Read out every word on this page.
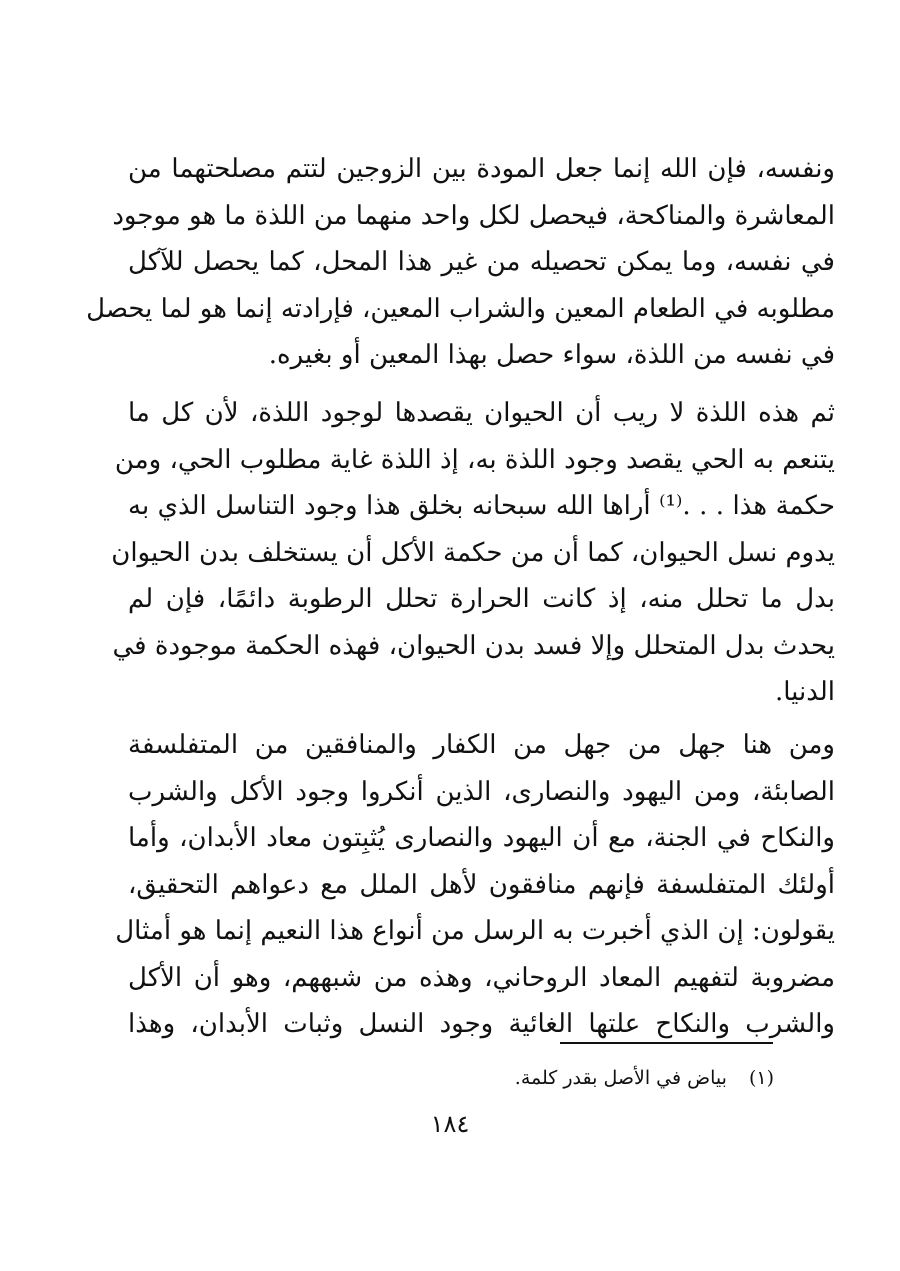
ونفسه، فإن الله إنما جعل المودة بين الزوجين لتتم مصلحتهما من
المعاشرة والمناكحة، فيحصل لكل واحد منهما من اللذة ما هو موجود
في نفسه، وما يمكن تحصيله من غير هذا المحل، كما يحصل للآكل
مطلوبه في الطعام المعين والشراب المعين، فإرادته إنما هو لما يحصل
في نفسه من اللذة، سواء حصل بهذا المعين أو بغيره.
ثم هذه اللذة لا ريب أن الحيوان يقصدها لوجود اللذة، لأن كل ما
يتنعم به الحي يقصد وجود اللذة به، إذ اللذة غاية مطلوب الحي، ومن
حكمة هذا . . .⁽¹⁾ أراها الله سبحانه بخلق هذا وجود التناسل الذي به
يدوم نسل الحيوان، كما أن من حكمة الأكل أن يستخلف بدن الحيوان
بدل ما تحلل منه، إذ كانت الحرارة تحلل الرطوبة دائمًا، فإن لم
يحدث بدل المتحلل وإلا فسد بدن الحيوان، فهذه الحكمة موجودة في
الدنيا.
ومن هنا جهل من جهل من الكفار والمنافقين من المتفلسفة
الصابئة، ومن اليهود والنصارى، الذين أنكروا وجود الأكل والشرب
والنكاح في الجنة، مع أن اليهود والنصارى يُثبِتون معاد الأبدان، وأما
أولئك المتفلسفة فإنهم منافقون لأهل الملل مع دعواهم التحقيق،
يقولون: إن الذي أخبرت به الرسل من أنواع هذا النعيم إنما هو أمثال
مضروبة لتفهيم المعاد الروحاني، وهذه من شبههم، وهو أن الأكل
والشرب والنكاح علتها الغائية وجود النسل وثبات الأبدان، وهذا
(١) بياض في الأصل بقدر كلمة.
١٨٤
